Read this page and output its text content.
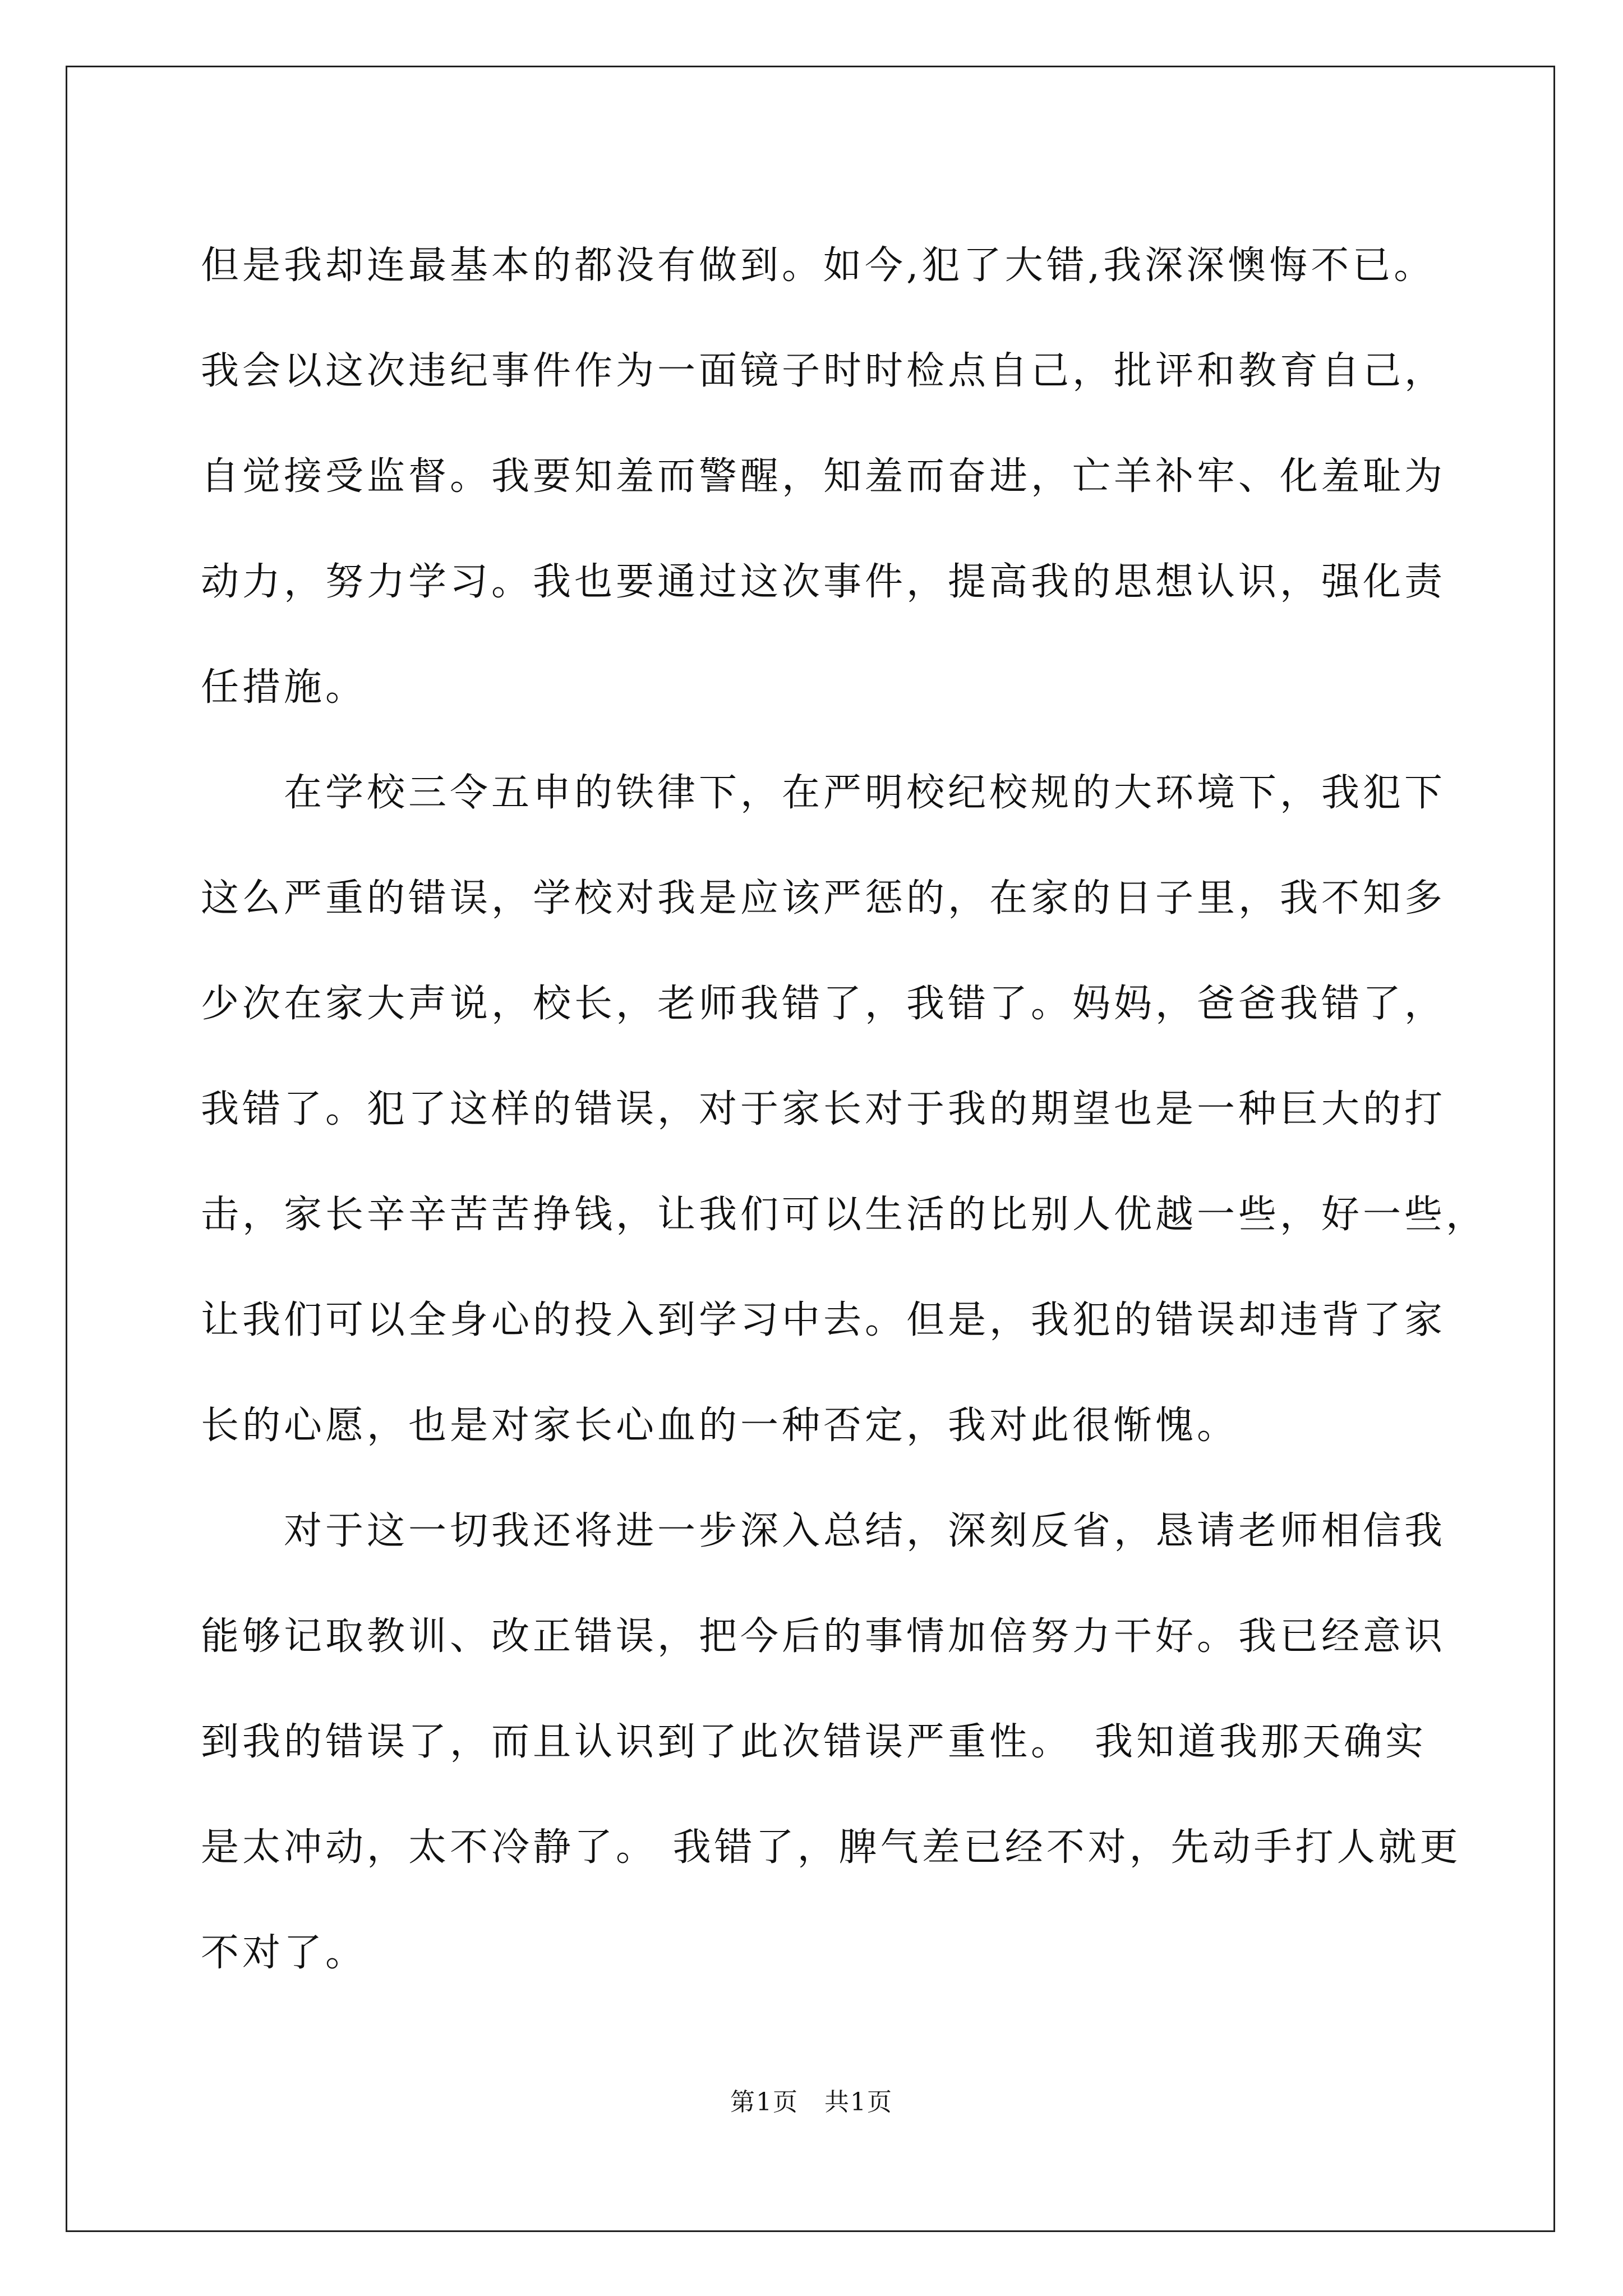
但是我却连最基本的都没有做到。如今,犯了大错,我深深懊悔不已。
我会以这次违纪事件作为一面镜子时时检点自己，批评和教育自己，
自觉接受监督。我要知羞而警醒，知羞而奋进，亡羊补牢、化羞耻为
动力，努力学习。我也要通过这次事件，提高我的思想认识，强化责
任措施。
　　在学校三令五申的铁律下，在严明校纪校规的大环境下，我犯下
这么严重的错误，学校对我是应该严惩的，在家的日子里，我不知多
少次在家大声说，校长，老师我错了，我错了。妈妈，爸爸我错了，
我错了。犯了这样的错误，对于家长对于我的期望也是一种巨大的打
击，家长辛辛苦苦挣钱，让我们可以生活的比别人优越一些，好一些，
让我们可以全身心的投入到学习中去。但是，我犯的错误却违背了家
长的心愿，也是对家长心血的一种否定，我对此很惭愧。
　　对于这一切我还将进一步深入总结，深刻反省，恳请老师相信我
能够记取教训、改正错误，把今后的事情加倍努力干好。我已经意识
到我的错误了，而且认识到了此次错误严重性。　我知道我那天确实
是太冲动，太不冷静了。 我错了，脾气差已经不对，先动手打人就更
不对了。
第1页　共1页
